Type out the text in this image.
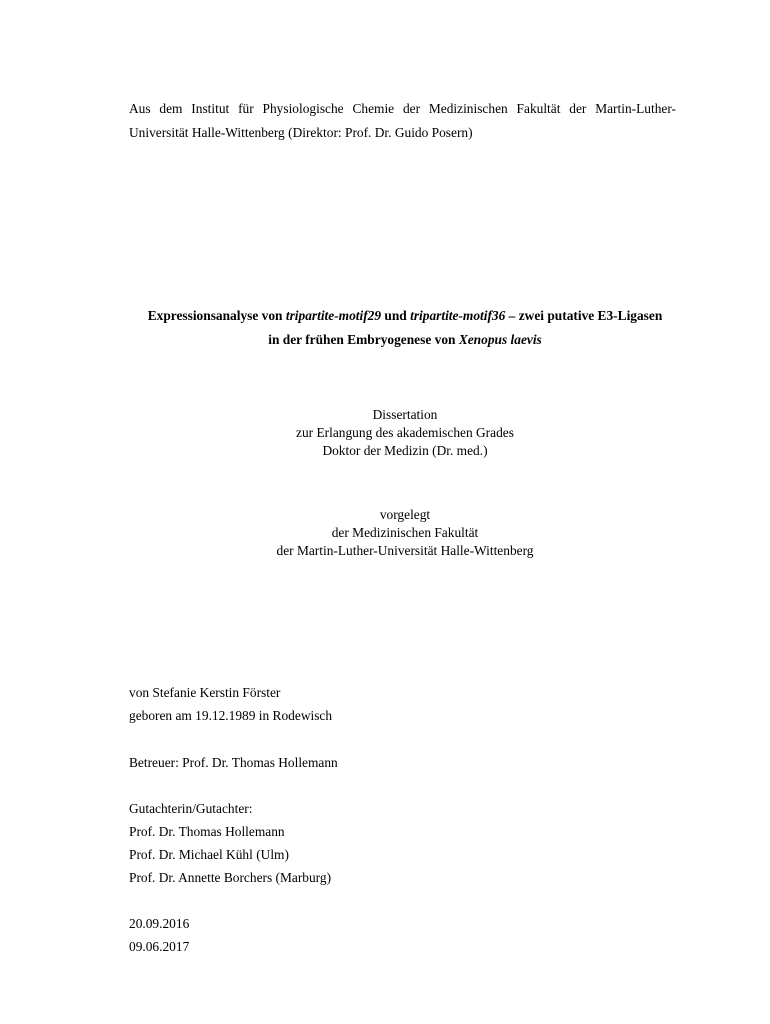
Aus dem Institut für Physiologische Chemie der Medizinischen Fakultät der Martin-Luther-
Universität Halle-Wittenberg (Direktor: Prof. Dr. Guido Posern)
Expressionsanalyse von tripartite-motif29 und tripartite-motif36 – zwei putative E3-Ligasen
in der frühen Embryogenese von Xenopus laevis
Dissertation
zur Erlangung des akademischen Grades
Doktor der Medizin (Dr. med.)
vorgelegt
der Medizinischen Fakultät
der Martin-Luther-Universität Halle-Wittenberg
von Stefanie Kerstin Förster
geboren am 19.12.1989 in Rodewisch
Betreuer: Prof. Dr. Thomas Hollemann
Gutachterin/Gutachter:
Prof. Dr. Thomas Hollemann
Prof. Dr. Michael Kühl (Ulm)
Prof. Dr. Annette Borchers (Marburg)
20.09.2016
09.06.2017
